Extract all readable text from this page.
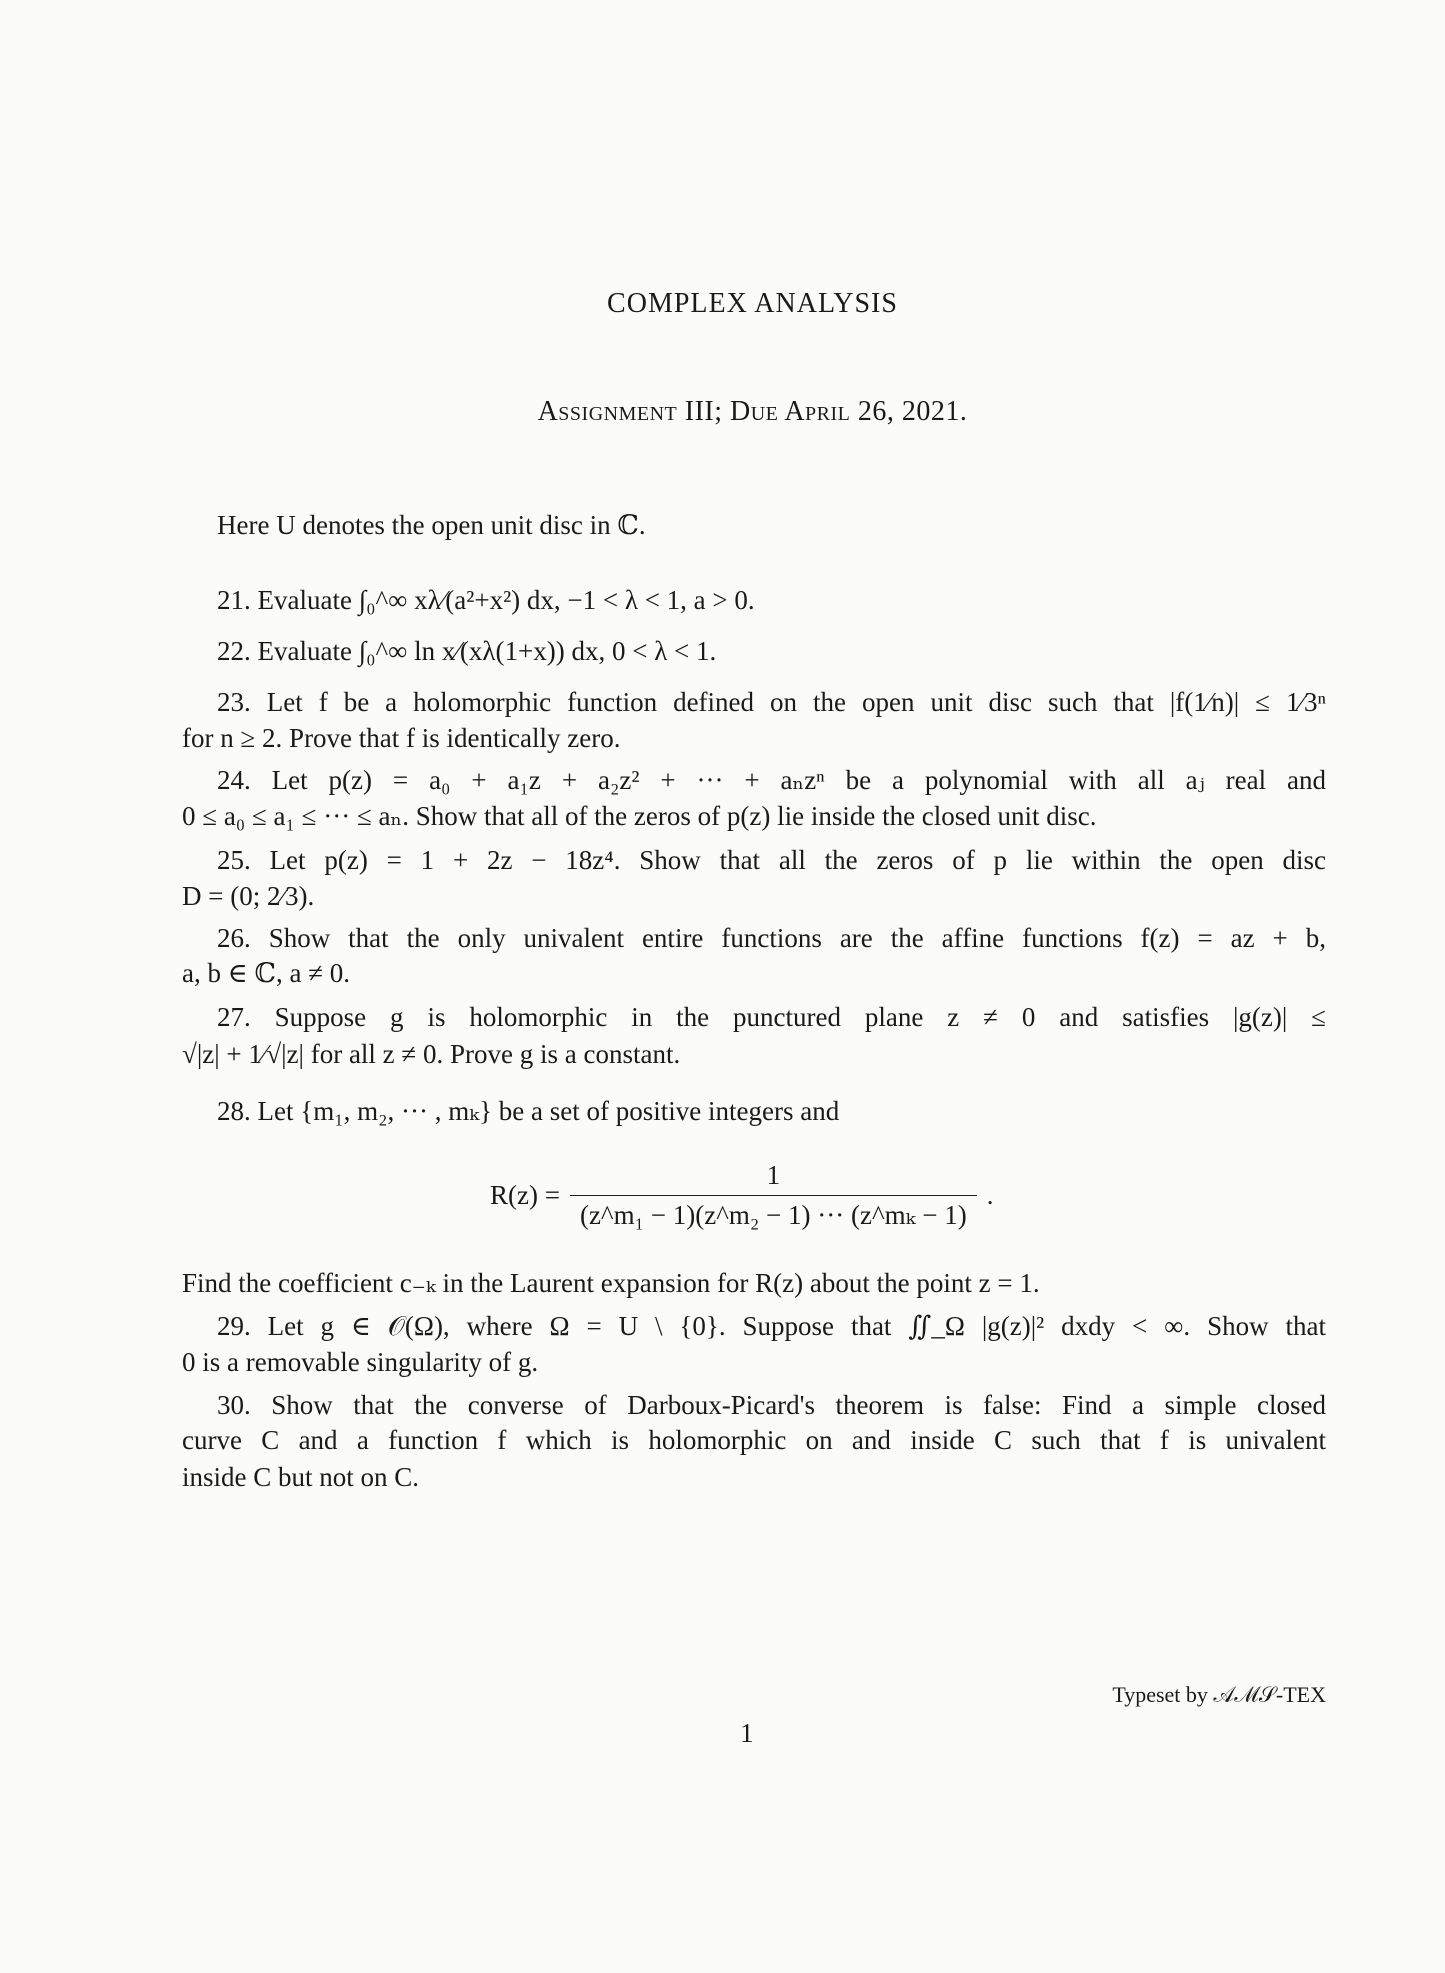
COMPLEX ANALYSIS
Assignment III; Due April 26, 2021.
Here U denotes the open unit disc in ℂ.
21. Evaluate ∫₀^∞ xλ⁄(a²+x²) dx, −1 < λ < 1, a > 0.
22. Evaluate ∫₀^∞ ln x⁄(xλ(1+x)) dx, 0 < λ < 1.
23. Let f be a holomorphic function defined on the open unit disc such that |f(1⁄n)| ≤ 1⁄3ⁿ
for n ≥ 2. Prove that f is identically zero.
24. Let p(z) = a₀ + a₁z + a₂z² + ··· + aₙzⁿ be a polynomial with all aⱼ real and
0 ≤ a₀ ≤ a₁ ≤ ··· ≤ aₙ. Show that all of the zeros of p(z) lie inside the closed unit disc.
25. Let p(z) = 1 + 2z − 18z⁴. Show that all the zeros of p lie within the open disc
D = (0; 2⁄3).
26. Show that the only univalent entire functions are the affine functions f(z) = az + b,
a, b ∈ ℂ, a ≠ 0.
27. Suppose g is holomorphic in the punctured plane z ≠ 0 and satisfies |g(z)| ≤
√|z| + 1⁄√|z| for all z ≠ 0. Prove g is a constant.
28. Let {m₁, m₂, ··· , mₖ} be a set of positive integers and
$R(z) = \frac{1}{\text{(z\textasciicircum{}m₁ − 1)(z\textasciicircum{}m₂ − 1) ··· (z\textasciicircum{}mₖ − 1)}}$ .
Find the coefficient c₋ₖ in the Laurent expansion for R(z) about the point z = 1.
29. Let g ∈ 𝒪(Ω), where Ω = U \ {0}. Suppose that ∬_Ω |g(z)|² dxdy < ∞. Show that
0 is a removable singularity of g.
30. Show that the converse of Darboux-Picard's theorem is false: Find a simple closed
curve C and a function f which is holomorphic on and inside C such that f is univalent
inside C but not on C.
Typeset by 𝒜ℳ𝒮-TEX
1
